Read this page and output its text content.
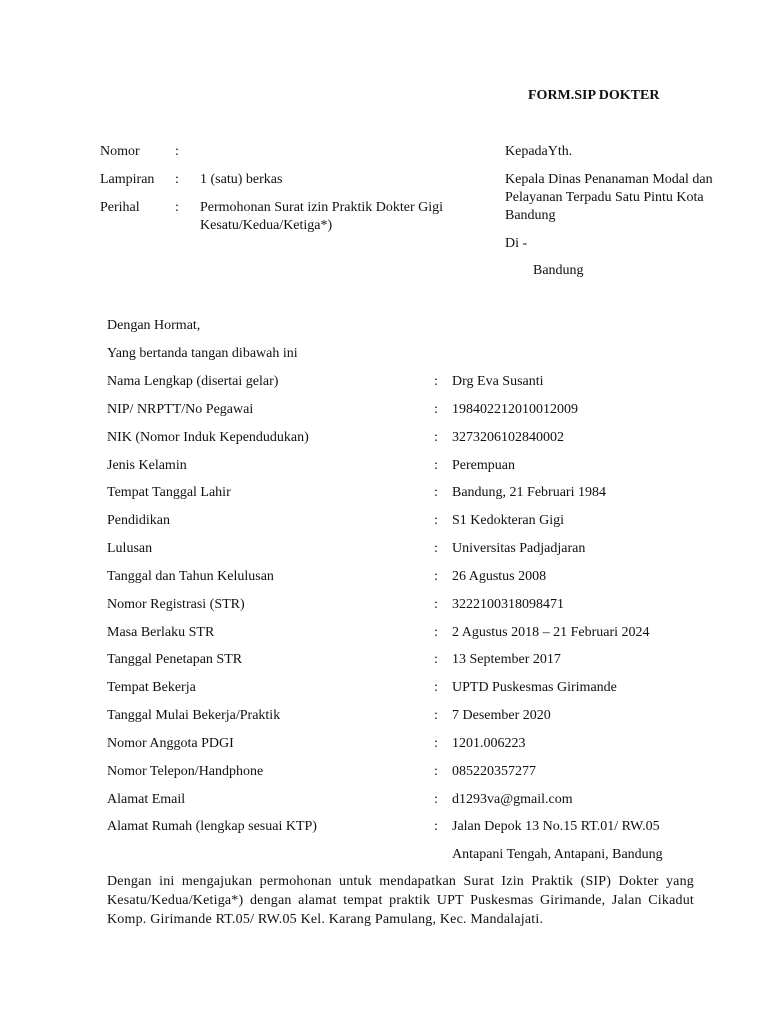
FORM.SIP DOKTER
Nomor	:
Lampiran : 1 (satu) berkas
Perihal	: Permohonan Surat izin Praktik Dokter Gigi Kesatu/Kedua/Ketiga*)
KepadaYth.
Kepala Dinas Penanaman Modal dan Pelayanan Terpadu Satu Pintu Kota Bandung
Di -
Bandung
Dengan Hormat,
Yang bertanda tangan dibawah ini
Nama Lengkap (disertai gelar)	: Drg Eva Susanti
NIP/ NRPTT/No Pegawai	: 198402212010012009
NIK (Nomor Induk Kependudukan)	: 3273206102840002
Jenis Kelamin	: Perempuan
Tempat Tanggal Lahir	: Bandung, 21 Februari 1984
Pendidikan	: S1 Kedokteran Gigi
Lulusan	: Universitas Padjadjaran
Tanggal dan Tahun Kelulusan	: 26 Agustus 2008
Nomor Registrasi (STR)	: 3222100318098471
Masa Berlaku STR	: 2 Agustus 2018 – 21 Februari 2024
Tanggal Penetapan STR	: 13 September 2017
Tempat Bekerja	: UPTD Puskesmas Girimande
Tanggal Mulai Bekerja/Praktik	: 7 Desember 2020
Nomor Anggota PDGI	: 1201.006223
Nomor Telepon/Handphone	: 085220357277
Alamat Email	: d1293va@gmail.com
Alamat Rumah (lengkap sesuai KTP)	: Jalan Depok 13 No.15 RT.01/ RW.05
Antapani Tengah, Antapani, Bandung
Dengan ini mengajukan permohonan untuk mendapatkan Surat Izin Praktik (SIP) Dokter yang Kesatu/Kedua/Ketiga*) dengan alamat tempat praktik UPT Puskesmas Girimande, Jalan Cikadut Komp. Girimande RT.05/ RW.05 Kel. Karang Pamulang, Kec. Mandalajati.
